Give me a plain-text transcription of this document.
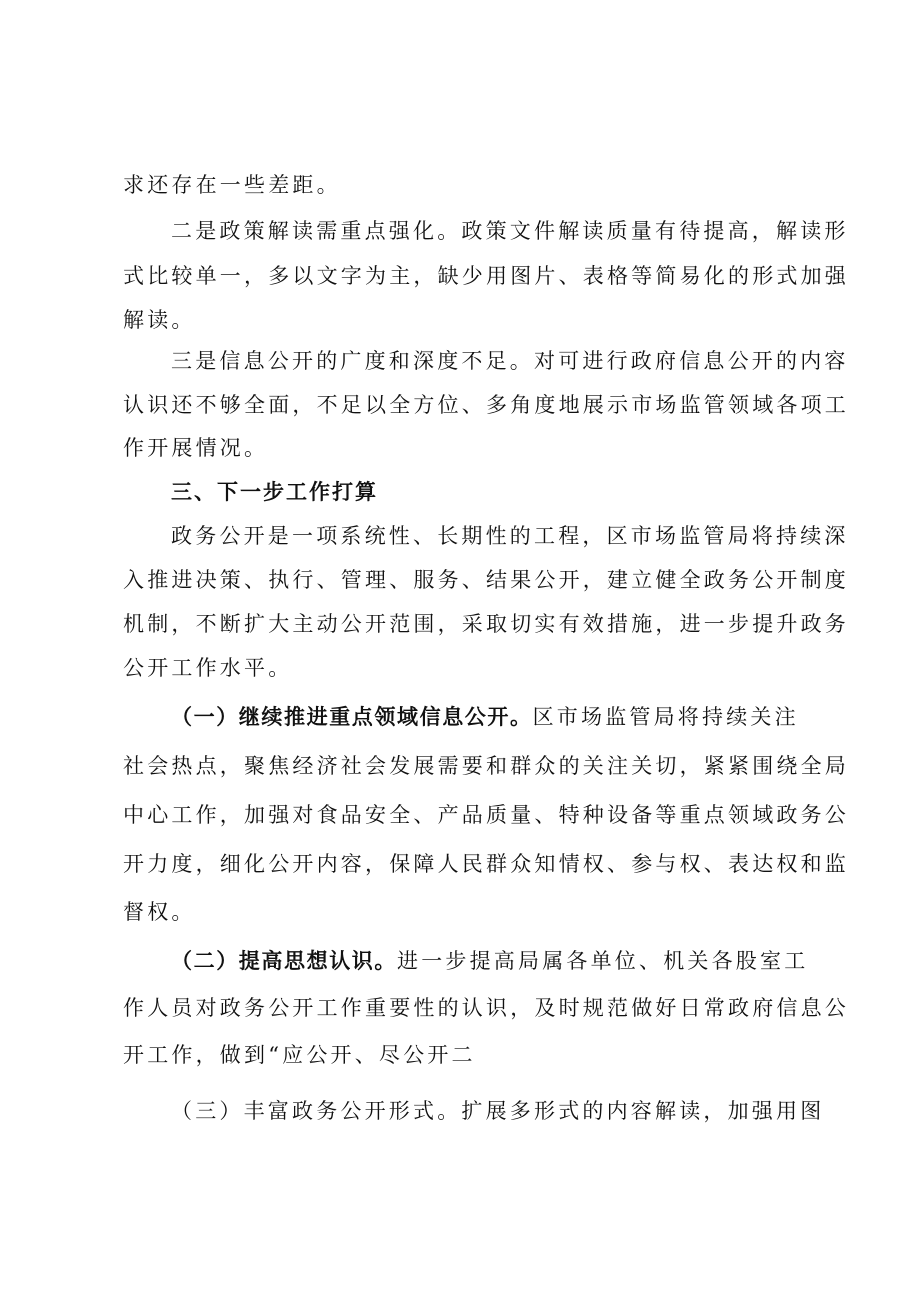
求还存在一些差距。
二是政策解读需重点强化。政策文件解读质量有待提高，解读形
式比较单一，多以文字为主，缺少用图片、表格等简易化的形式加强
解读。
三是信息公开的广度和深度不足。对可进行政府信息公开的内容
认识还不够全面，不足以全方位、多角度地展示市场监管领域各项工
作开展情况。
三、下一步工作打算
政务公开是一项系统性、长期性的工程，区市场监管局将持续深
入推进决策、执行、管理、服务、结果公开，建立健全政务公开制度
机制，不断扩大主动公开范围，采取切实有效措施，进一步提升政务
公开工作水平。
（一）继续推进重点领域信息公开。区市场监管局将持续关注
社会热点，聚焦经济社会发展需要和群众的关注关切，紧紧围绕全局
中心工作，加强对食品安全、产品质量、特种设备等重点领域政务公
开力度，细化公开内容，保障人民群众知情权、参与权、表达权和监
督权。
（二）提高思想认识。进一步提高局属各单位、机关各股室工
作人员对政务公开工作重要性的认识，及时规范做好日常政府信息公
开工作，做到“应公开、尽公开二
（三）丰富政务公开形式。扩展多形式的内容解读，加强用图
